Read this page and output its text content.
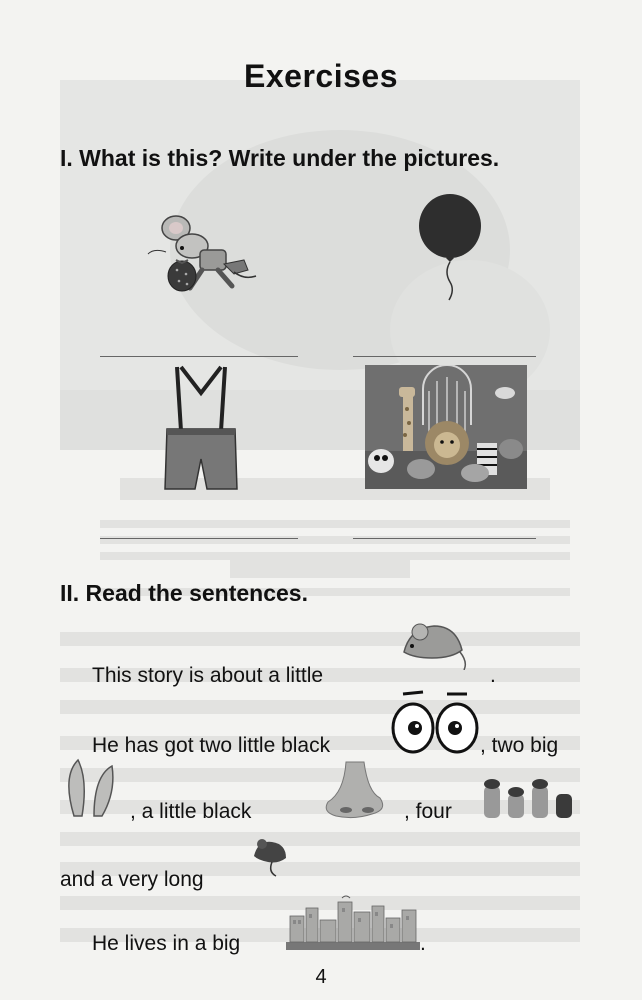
Exercises
I. What is this? Write under the pictures.
II. Read the sentences.
This story is about a little	.
He has got two little black	, two big
, a little black	, four
and a very long
He lives in a big	.
4
